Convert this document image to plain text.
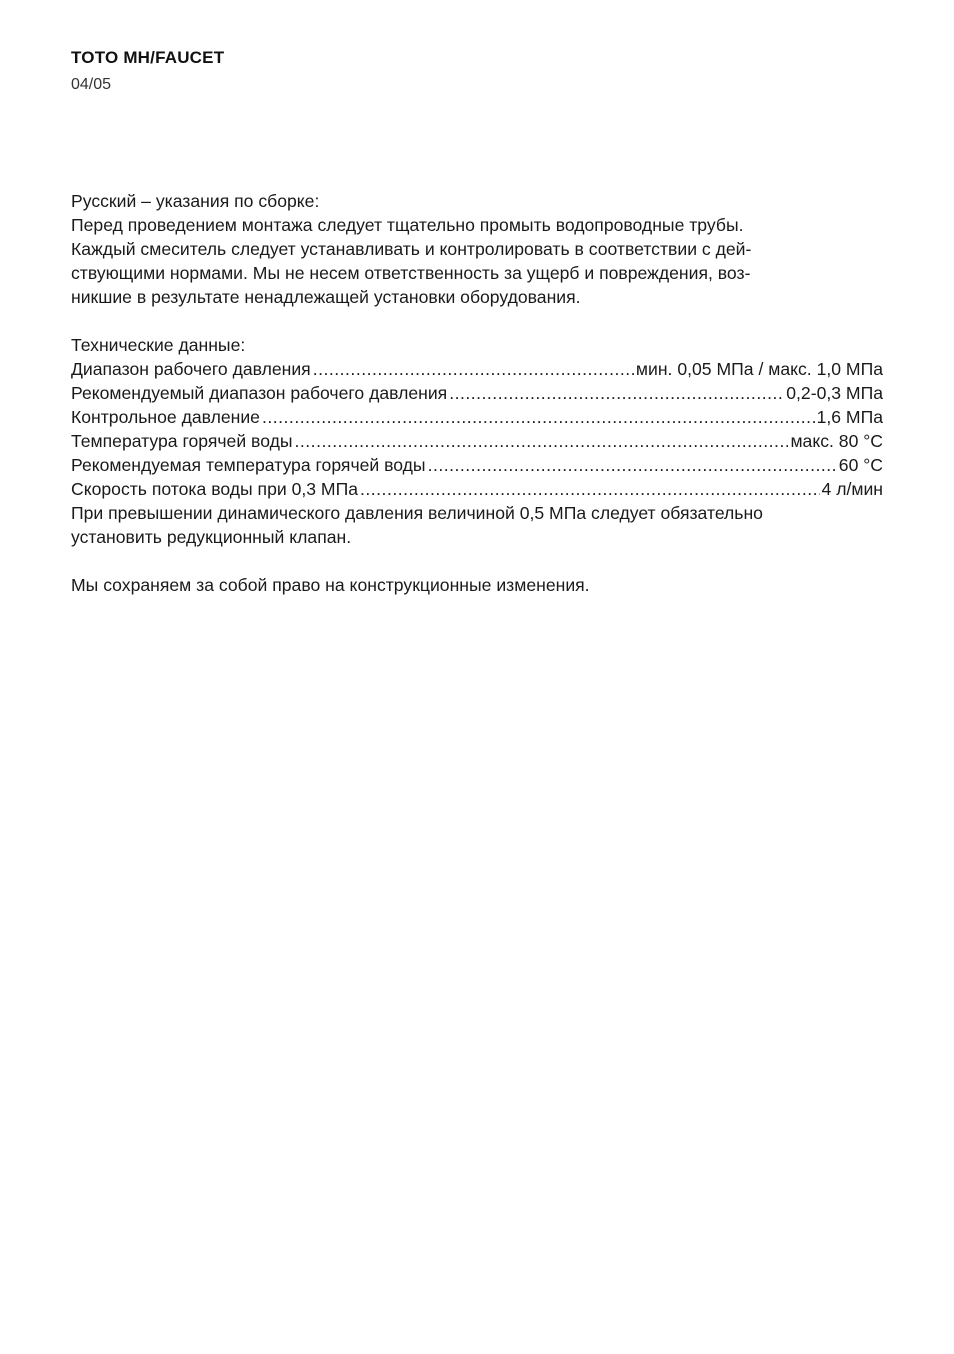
TOTO MH/FAUCET
04/05

Русский – указания по сборке:

Перед проведением монтажа следует тщательно промыть водопроводные трубы.

Каждый смеситель следует устанавливать и контролировать в соответствии с дей-

ствующими нормами. Мы не несем ответственность за ущерб и повреждения, воз-

никшие в результате ненадлежащей установки оборудования.

Технические данные:

Диапазон рабочего давления .....	мин. 0,05 МПа / макс. 1,0 МПа
Рекомендуемый диапазон рабочего давления .....	0,2-0,3 МПа
Контрольное давление .....	1,6 МПа
Температура горячей воды .....	макс. 80 °С
Рекомендуемая температура горячей воды .....	60 °С
Скорость потока воды при 0,3 МПа .....	4 л/мин

При превышении динамического давления величиной 0,5 МПа следует обязательно

установить редукционный клапан.

Мы сохраняем за собой право на конструкционные изменения.
